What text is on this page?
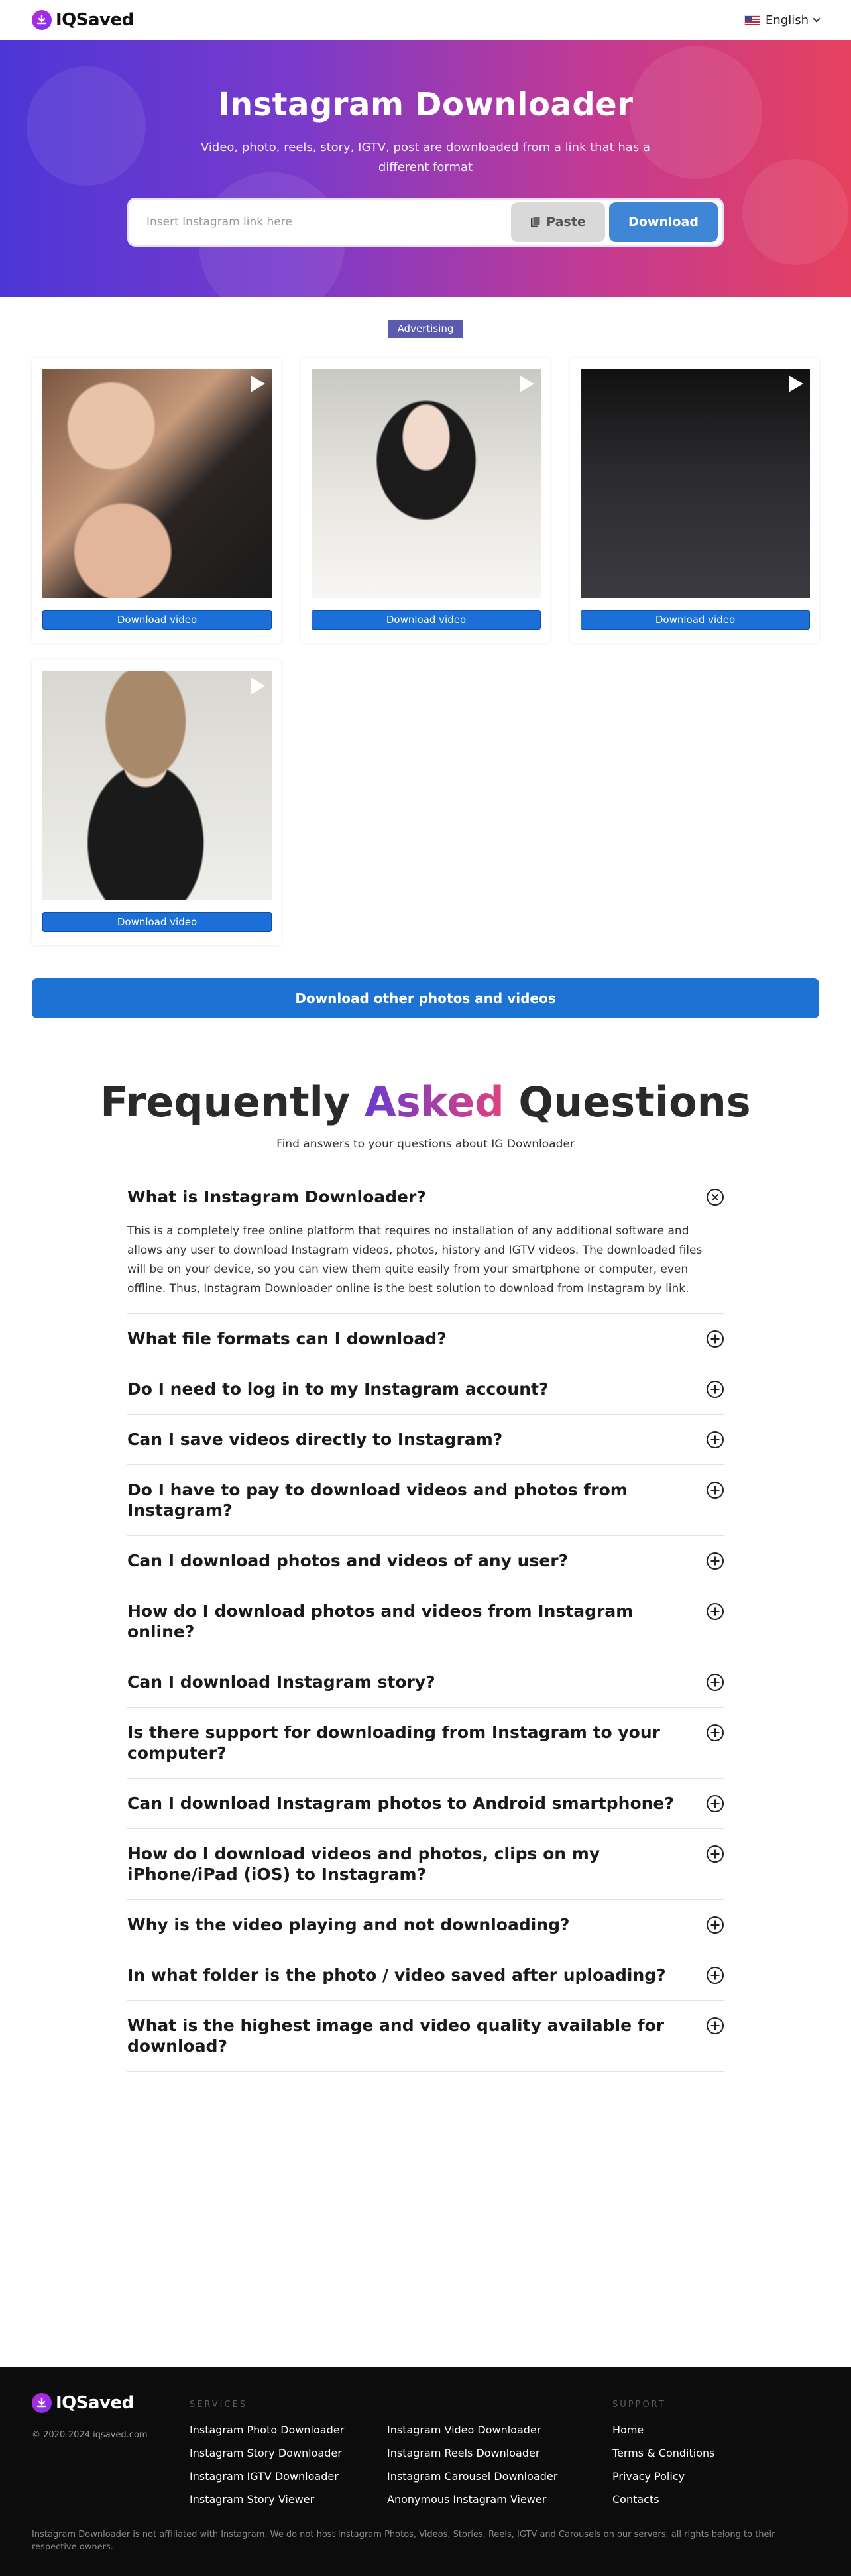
IQSaved	English
Instagram Downloader

Video, photo, reels, story, IGTV, post are downloaded from a link that has a different format

Insert Instagram link here
Paste	Download
Advertising
Download video	Download video	Download video
Download video
Download other photos and videos
Frequently Asked Questions

Find answers to your questions about IG Downloader

What is Instagram Downloader?

This is a completely free online platform that requires no installation of any additional software and allows any user to download Instagram videos, photos, history and IGTV videos. The downloaded files will be on your device, so you can view them quite easily from your smartphone or computer, even offline. Thus, Instagram Downloader online is the best solution to download from Instagram by link.

What file formats can I download?
Do I need to log in to my Instagram account?
Can I save videos directly to Instagram?
Do I have to pay to download videos and photos from Instagram?
Can I download photos and videos of any user?
How do I download photos and videos from Instagram online?
Can I download Instagram story?
Is there support for downloading from Instagram to your computer?
Can I download Instagram photos to Android smartphone?
How do I download videos and photos, clips on my iPhone/iPad (iOS) to Instagram?
Why is the video playing and not downloading?
In what folder is the photo / video saved after uploading?
What is the highest image and video quality available for download?
IQSaved
© 2020-2024 iqsaved.com
SERVICES
Instagram Photo Downloader
Instagram Story Downloader
Instagram IGTV Downloader
Instagram Story Viewer
Instagram Video Downloader
Instagram Reels Downloader
Instagram Carousel Downloader
Anonymous Instagram Viewer
SUPPORT
Home
Terms & Conditions
Privacy Policy
Contacts

Instagram Downloader is not affiliated with Instagram. We do not host Instagram Photos, Videos, Stories, Reels, IGTV and Carousels on our servers, all rights belong to their respective owners.
